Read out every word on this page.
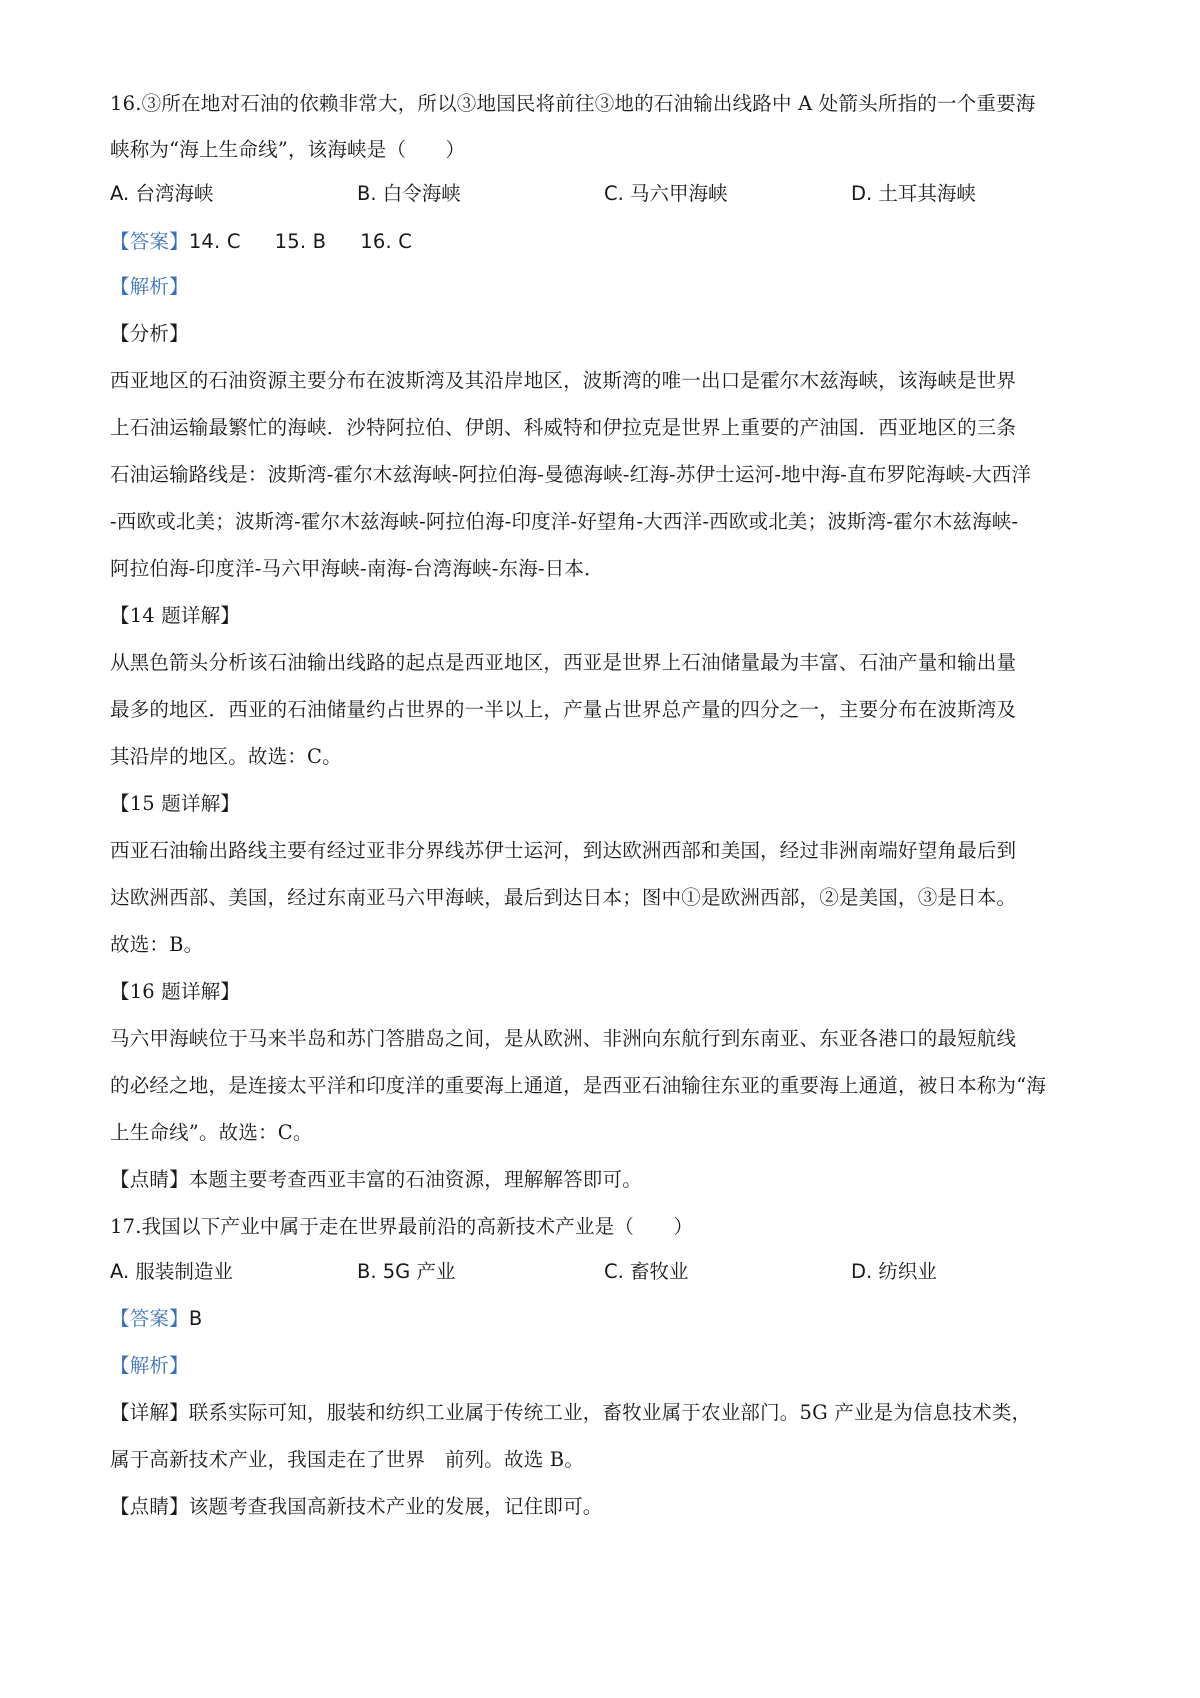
16.③所在地对石油的依赖非常大，所以③地国民将前往③地的石油输出线路中 A 处箭头所指的一个重要海
峡称为“海上生命线”，该海峡是（　　）
A. 台湾海峡	B. 白令海峡	C. 马六甲海峡	D. 土耳其海峡
【答案】14. C 15. B 16. C
【解析】
【分析】
西亚地区的石油资源主要分布在波斯湾及其沿岸地区，波斯湾的唯一出口是霍尔木兹海峡，该海峡是世界
上石油运输最繁忙的海峡．沙特阿拉伯、伊朗、科威特和伊拉克是世界上重要的产油国．西亚地区的三条
石油运输路线是：波斯湾-霍尔木兹海峡-阿拉伯海-曼德海峡-红海-苏伊士运河-地中海-直布罗陀海峡-大西洋
-西欧或北美；波斯湾-霍尔木兹海峡-阿拉伯海-印度洋-好望角-大西洋-西欧或北美；波斯湾-霍尔木兹海峡-
阿拉伯海-印度洋-马六甲海峡-南海-台湾海峡-东海-日本．
【14 题详解】
从黑色箭头分析该石油输出线路的起点是西亚地区，西亚是世界上石油储量最为丰富、石油产量和输出量
最多的地区．西亚的石油储量约占世界的一半以上，产量占世界总产量的四分之一，主要分布在波斯湾及
其沿岸的地区。故选：C。
【15 题详解】
西亚石油输出路线主要有经过亚非分界线苏伊士运河，到达欧洲西部和美国，经过非洲南端好望角最后到
达欧洲西部、美国，经过东南亚马六甲海峡，最后到达日本；图中①是欧洲西部，②是美国，③是日本。
故选：B。
【16 题详解】
马六甲海峡位于马来半岛和苏门答腊岛之间，是从欧洲、非洲向东航行到东南亚、东亚各港口的最短航线
的必经之地，是连接太平洋和印度洋的重要海上通道，是西亚石油输往东亚的重要海上通道，被日本称为“海
上生命线”。故选：C。
【点睛】本题主要考查西亚丰富的石油资源，理解解答即可。
17.我国以下产业中属于走在世界最前沿的高新技术产业是（　　）
A. 服装制造业	B. 5G 产业	C. 畜牧业	D. 纺织业
【答案】B
【解析】
【详解】联系实际可知，服装和纺织工业属于传统工业，畜牧业属于农业部门。5G 产业是为信息技术类，
属于高新技术产业，我国走在了世界　前列。故选 B。
【点睛】该题考查我国高新技术产业的发展，记住即可。
